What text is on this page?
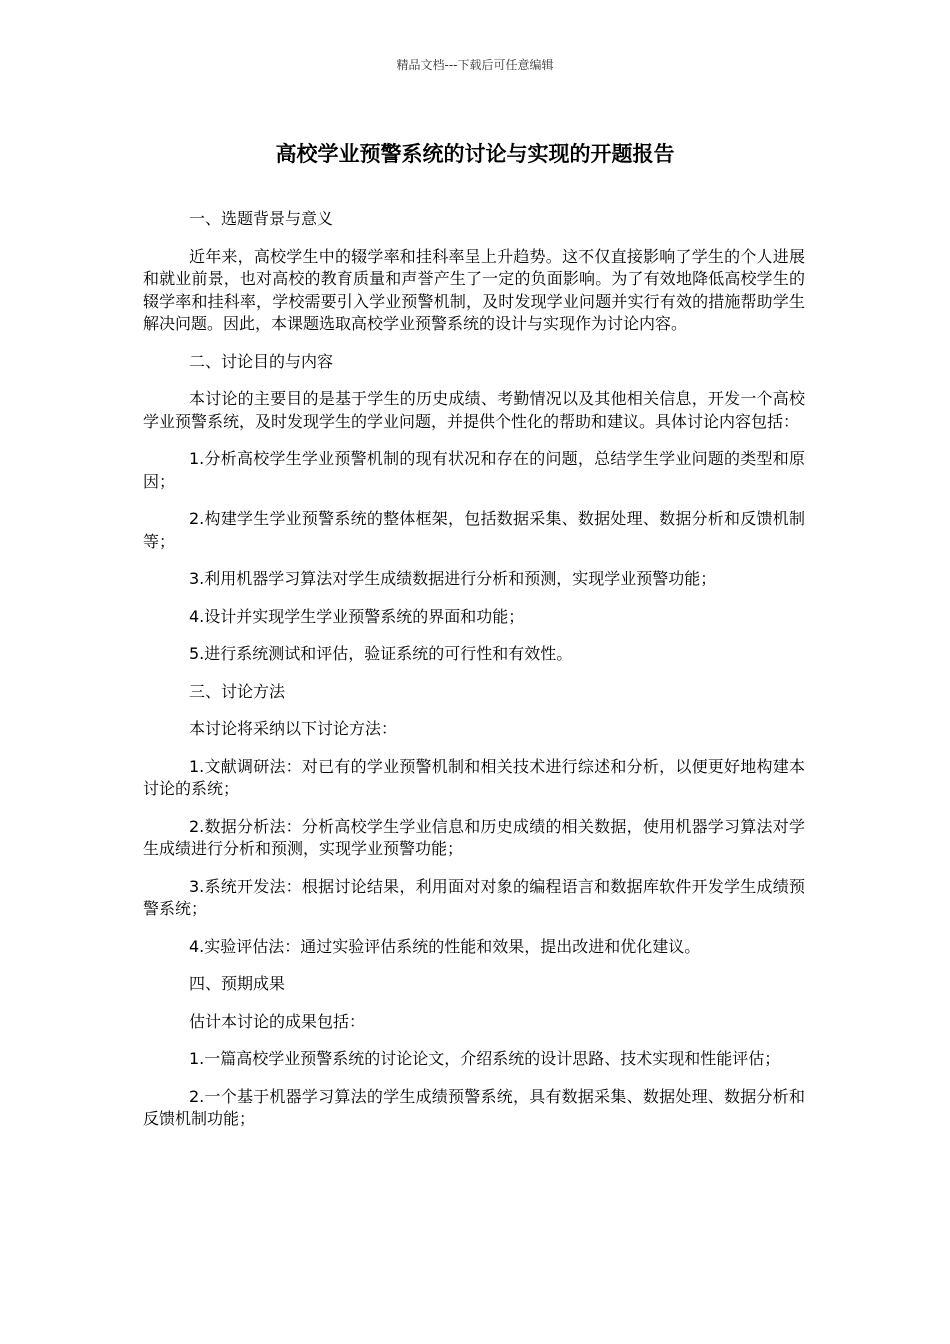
精品文档---下载后可任意编辑
高校学业预警系统的讨论与实现的开题报告
一、选题背景与意义

近年来，高校学生中的辍学率和挂科率呈上升趋势。这不仅直接影响了学生的个人进展和就业前景，也对高校的教育质量和声誉产生了一定的负面影响。为了有效地降低高校学生的辍学率和挂科率，学校需要引入学业预警机制，及时发现学业问题并实行有效的措施帮助学生解决问题。因此，本课题选取高校学业预警系统的设计与实现作为讨论内容。

二、讨论目的与内容

本讨论的主要目的是基于学生的历史成绩、考勤情况以及其他相关信息，开发一个高校学业预警系统，及时发现学生的学业问题，并提供个性化的帮助和建议。具体讨论内容包括：

1.分析高校学生学业预警机制的现有状况和存在的问题，总结学生学业问题的类型和原因；

2.构建学生学业预警系统的整体框架，包括数据采集、数据处理、数据分析和反馈机制等；

3.利用机器学习算法对学生成绩数据进行分析和预测，实现学业预警功能；

4.设计并实现学生学业预警系统的界面和功能；

5.进行系统测试和评估，验证系统的可行性和有效性。

三、讨论方法

本讨论将采纳以下讨论方法：

1.文献调研法：对已有的学业预警机制和相关技术进行综述和分析，以便更好地构建本讨论的系统；

2.数据分析法：分析高校学生学业信息和历史成绩的相关数据，使用机器学习算法对学生成绩进行分析和预测，实现学业预警功能；

3.系统开发法：根据讨论结果，利用面对对象的编程语言和数据库软件开发学生成绩预警系统；

4.实验评估法：通过实验评估系统的性能和效果，提出改进和优化建议。

四、预期成果

估计本讨论的成果包括：

1.一篇高校学业预警系统的讨论论文，介绍系统的设计思路、技术实现和性能评估；

2.一个基于机器学习算法的学生成绩预警系统，具有数据采集、数据处理、数据分析和反馈机制功能；
